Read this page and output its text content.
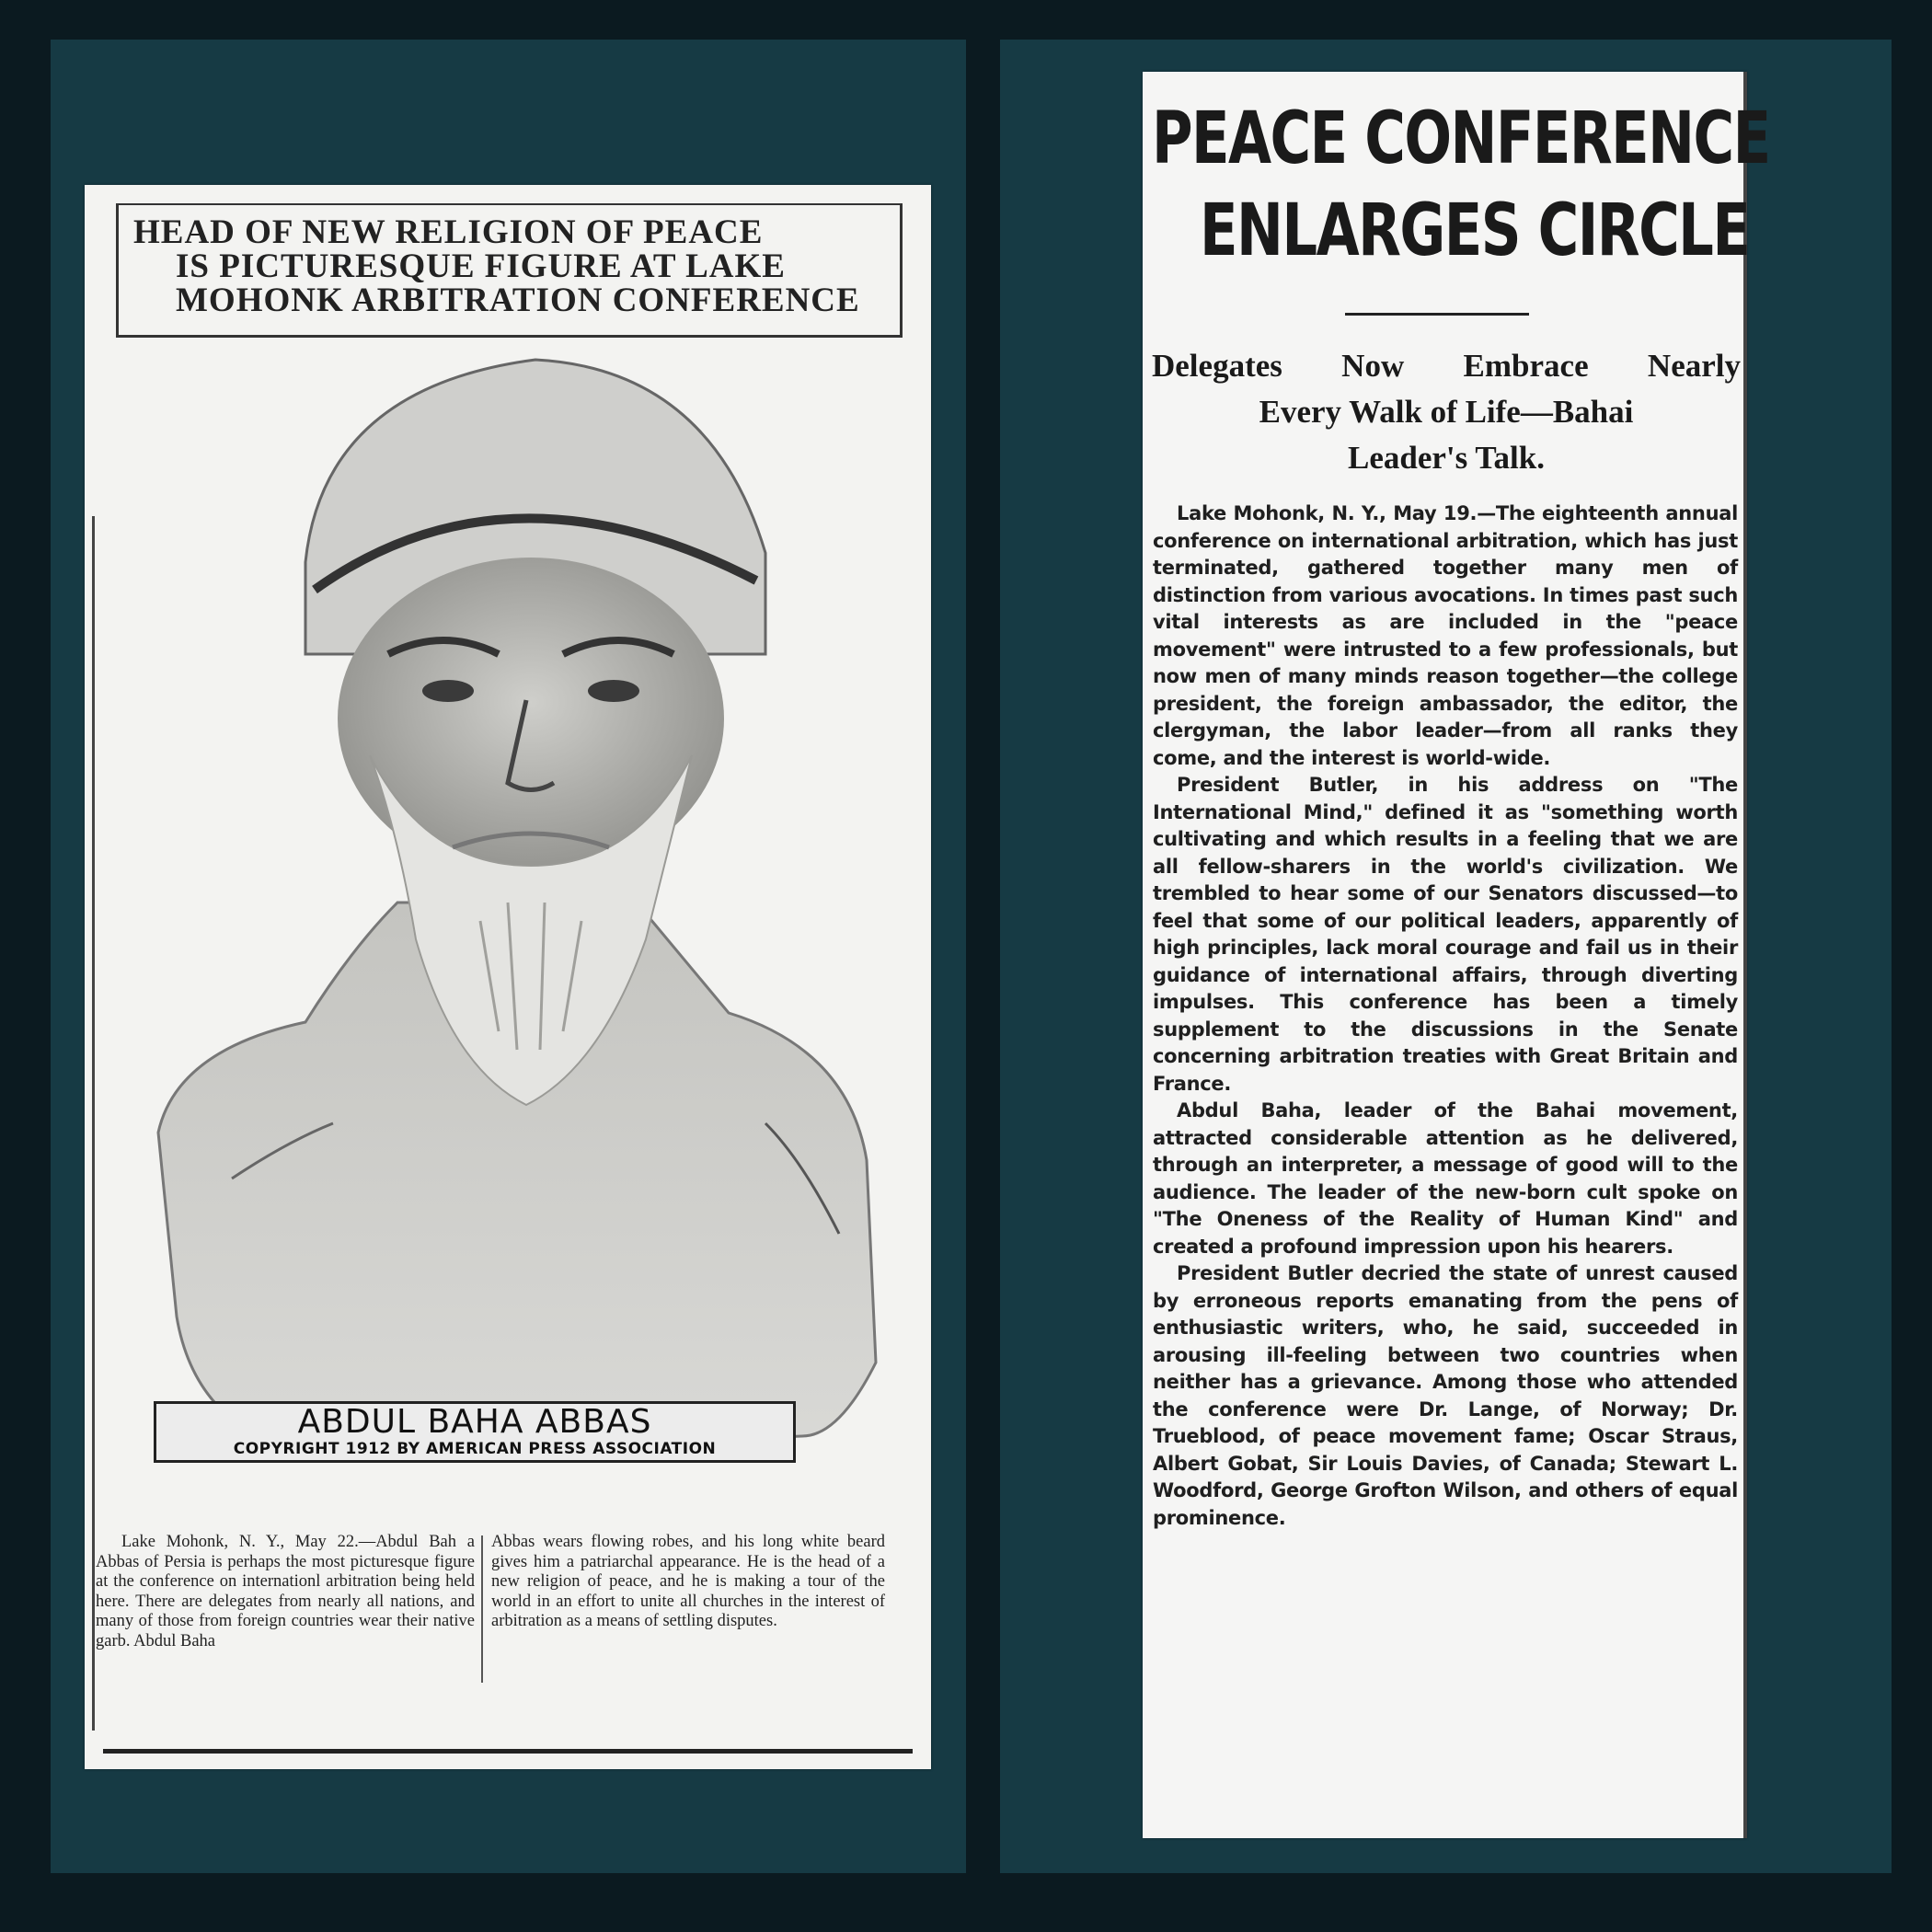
HEAD OF NEW RELIGION OF PEACE
IS PICTURESQUE FIGURE AT LAKE
MOHONK ARBITRATION CONFERENCE
ABDUL BAHA ABBAS
COPYRIGHT 1912 BY AMERICAN PRESS ASSOCIATION
Lake Mohonk, N. Y., May 22.—Abdul Bah a Abbas of Persia is perhaps the most picturesque figure at the conference on internationl arbitration being held here. There are delegates from nearly all nations, and many of those from foreign countries wear their native garb. Abdul Baha
Abbas wears flowing robes, and his long white beard gives him a patriarchal appearance. He is the head of a new religion of peace, and he is making a tour of the world in an effort to unite all churches in the interest of arbitration as a means of settling disputes.
PEACE CONFERENCE
ENLARGES CIRCLE
Delegates Now Embrace Nearly
Every Walk of Life—Bahai
Leader's Talk.

Lake Mohonk, N. Y., May 19.—The eighteenth annual conference on international arbitration, which has just terminated, gathered together many men of distinction from various avocations. In times past such vital interests as are included in the "peace movement" were intrusted to a few professionals, but now men of many minds reason together—the college president, the foreign ambassador, the editor, the clergyman, the labor leader—from all ranks they come, and the interest is world-wide.

President Butler, in his address on "The International Mind," defined it as "something worth cultivating and which results in a feeling that we are all fellow-sharers in the world's civilization. We trembled to hear some of our Senators discussed—to feel that some of our political leaders, apparently of high principles, lack moral courage and fail us in their guidance of international affairs, through diverting impulses. This conference has been a timely supplement to the discussions in the Senate concerning arbitration treaties with Great Britain and France.

Abdul Baha, leader of the Bahai movement, attracted considerable attention as he delivered, through an interpreter, a message of good will to the audience. The leader of the new-born cult spoke on "The Oneness of the Reality of Human Kind" and created a profound impression upon his hearers.

President Butler decried the state of unrest caused by erroneous reports emanating from the pens of enthusiastic writers, who, he said, succeeded in arousing ill-feeling between two countries when neither has a grievance. Among those who attended the conference were Dr. Lange, of Norway; Dr. Trueblood, of peace movement fame; Oscar Straus, Albert Gobat, Sir Louis Davies, of Canada; Stewart L. Woodford, George Grofton Wilson, and others of equal prominence.
